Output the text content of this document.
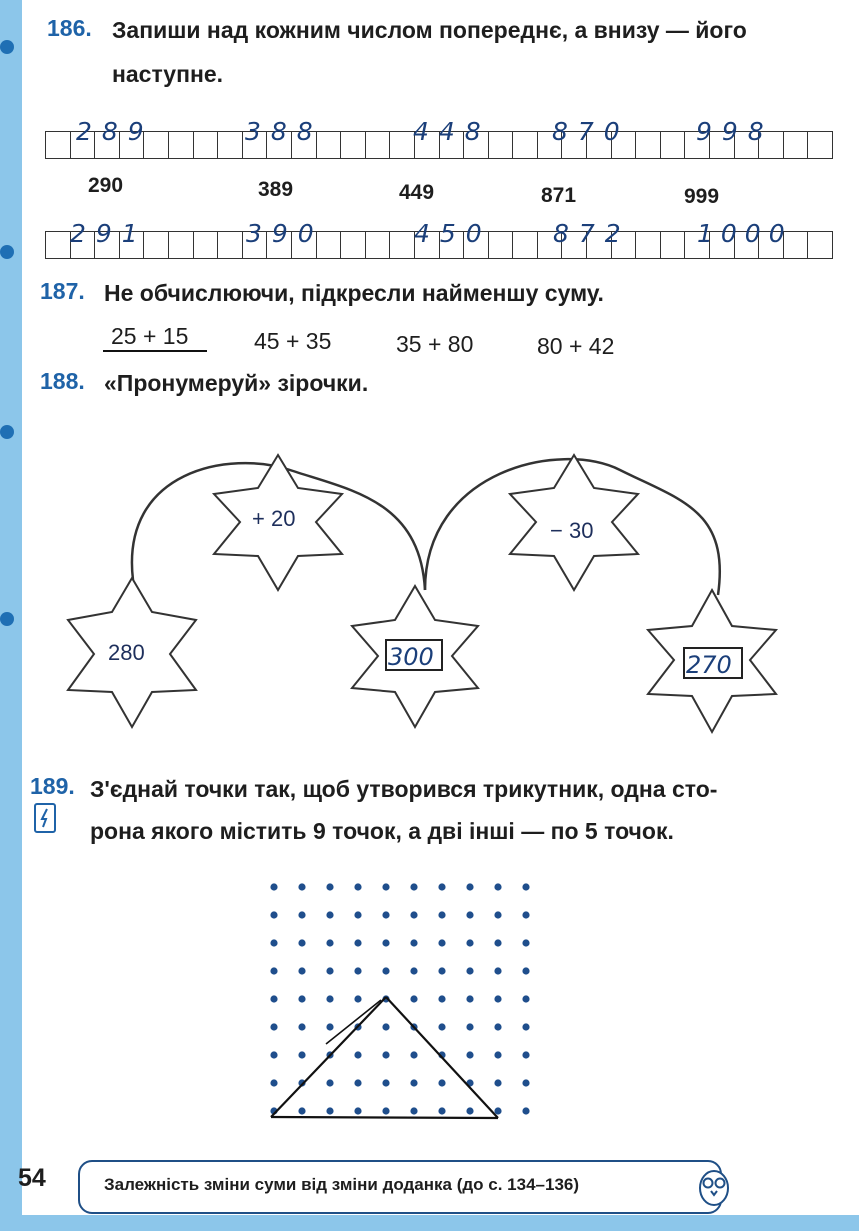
186. Запиши над кожним числом попереднє, а внизу — його
наступне.
289	388	448 870	998
290	389	449	871	999
291	390	450 872	1000
187. Не обчислюючи, підкресли найменшу суму.
25 + 15	45 + 35	35 + 80	80 + 42
188. «Пронумеруй» зірочки.
280
+ 20	− 30
300	270
189. З'єднай точки так, щоб утворився трикутник, одна сто-
рона якого містить 9 точок, а дві інші — по 5 точок.
54	Залежність зміни суми від зміни доданка (до с. 134–136)
